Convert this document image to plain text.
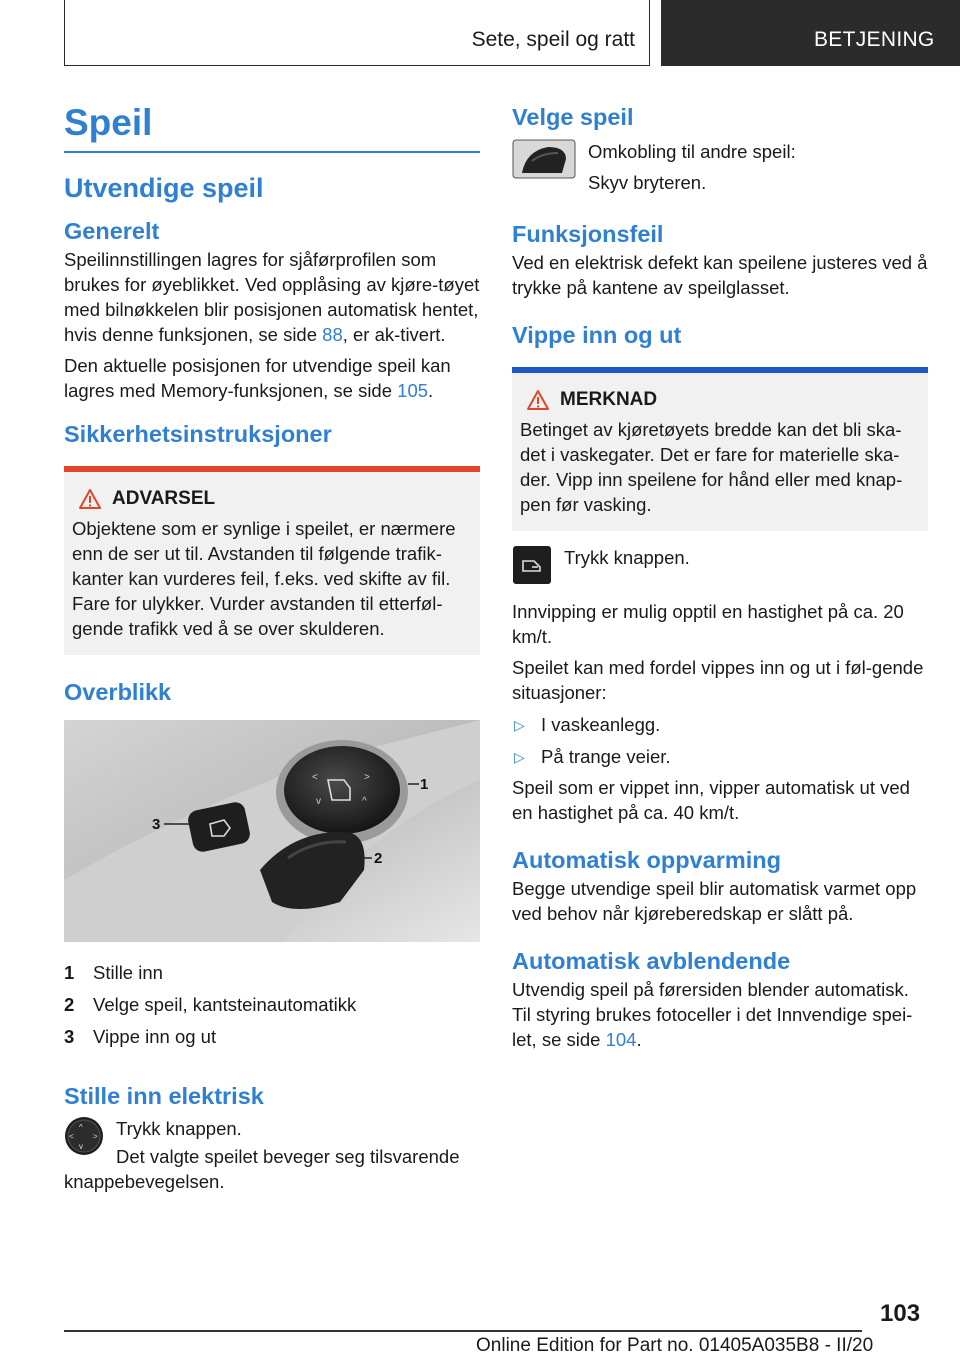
Sete, speil og ratt	BETJENING
Speil
Utvendige speil
Generelt

Speilinnstillingen lagres for sjåførprofilen som brukes for øyeblikket. Ved opplåsing av kjøre-tøyet med bilnøkkelen blir posisjonen automatisk hentet, hvis denne funksjonen, se side 88, er ak-tivert.

Den aktuelle posisjonen for utvendige speil kan lagres med Memory-funksjonen, se side 105.

Sikkerhetsinstruksjoner
ADVARSEL

Objektene som er synlige i speilet, er nærmere enn de ser ut til. Avstanden til følgende trafik-kanter kan vurderes feil, f.eks. ved skifte av fil. Fare for ulykker. Vurder avstanden til etterføl-gende trafikk ved å se over skulderen.

Overblikk
<	>
v	^
1
2
3
1	Stille inn
2	Velge speil, kantsteinautomatikk
3	Vippe inn og ut
Stille inn elektrisk
^
v
< > Trykk knappen.

Det valgte speilet beveger seg tilsvarende knappebevegelsen.

Velge speil

Omkobling til andre speil:

Skyv bryteren.

Funksjonsfeil

Ved en elektrisk defekt kan speilene justeres ved å trykke på kantene av speilglasset.

Vippe inn og ut
MERKNAD

Betinget av kjøretøyets bredde kan det bli ska-det i vaskegater. Det er fare for materielle ska-der. Vipp inn speilene for hånd eller med knap-pen før vasking.

Trykk knappen.

Innvipping er mulig opptil en hastighet på ca. 20 km/t.

Speilet kan med fordel vippes inn og ut i føl-gende situasjoner:

▷ I vaskeanlegg.
▷ På trange veier.

Speil som er vippet inn, vipper automatisk ut ved en hastighet på ca. 40 km/t.

Automatisk oppvarming

Begge utvendige speil blir automatisk varmet opp ved behov når kjøreberedskap er slått på.

Automatisk avblendende

Utvendig speil på førersiden blender automatisk. Til styring brukes fotoceller i det Innvendige spei-let, se side 104.

103
Online Edition for Part no. 01405A035B8 - II/20
